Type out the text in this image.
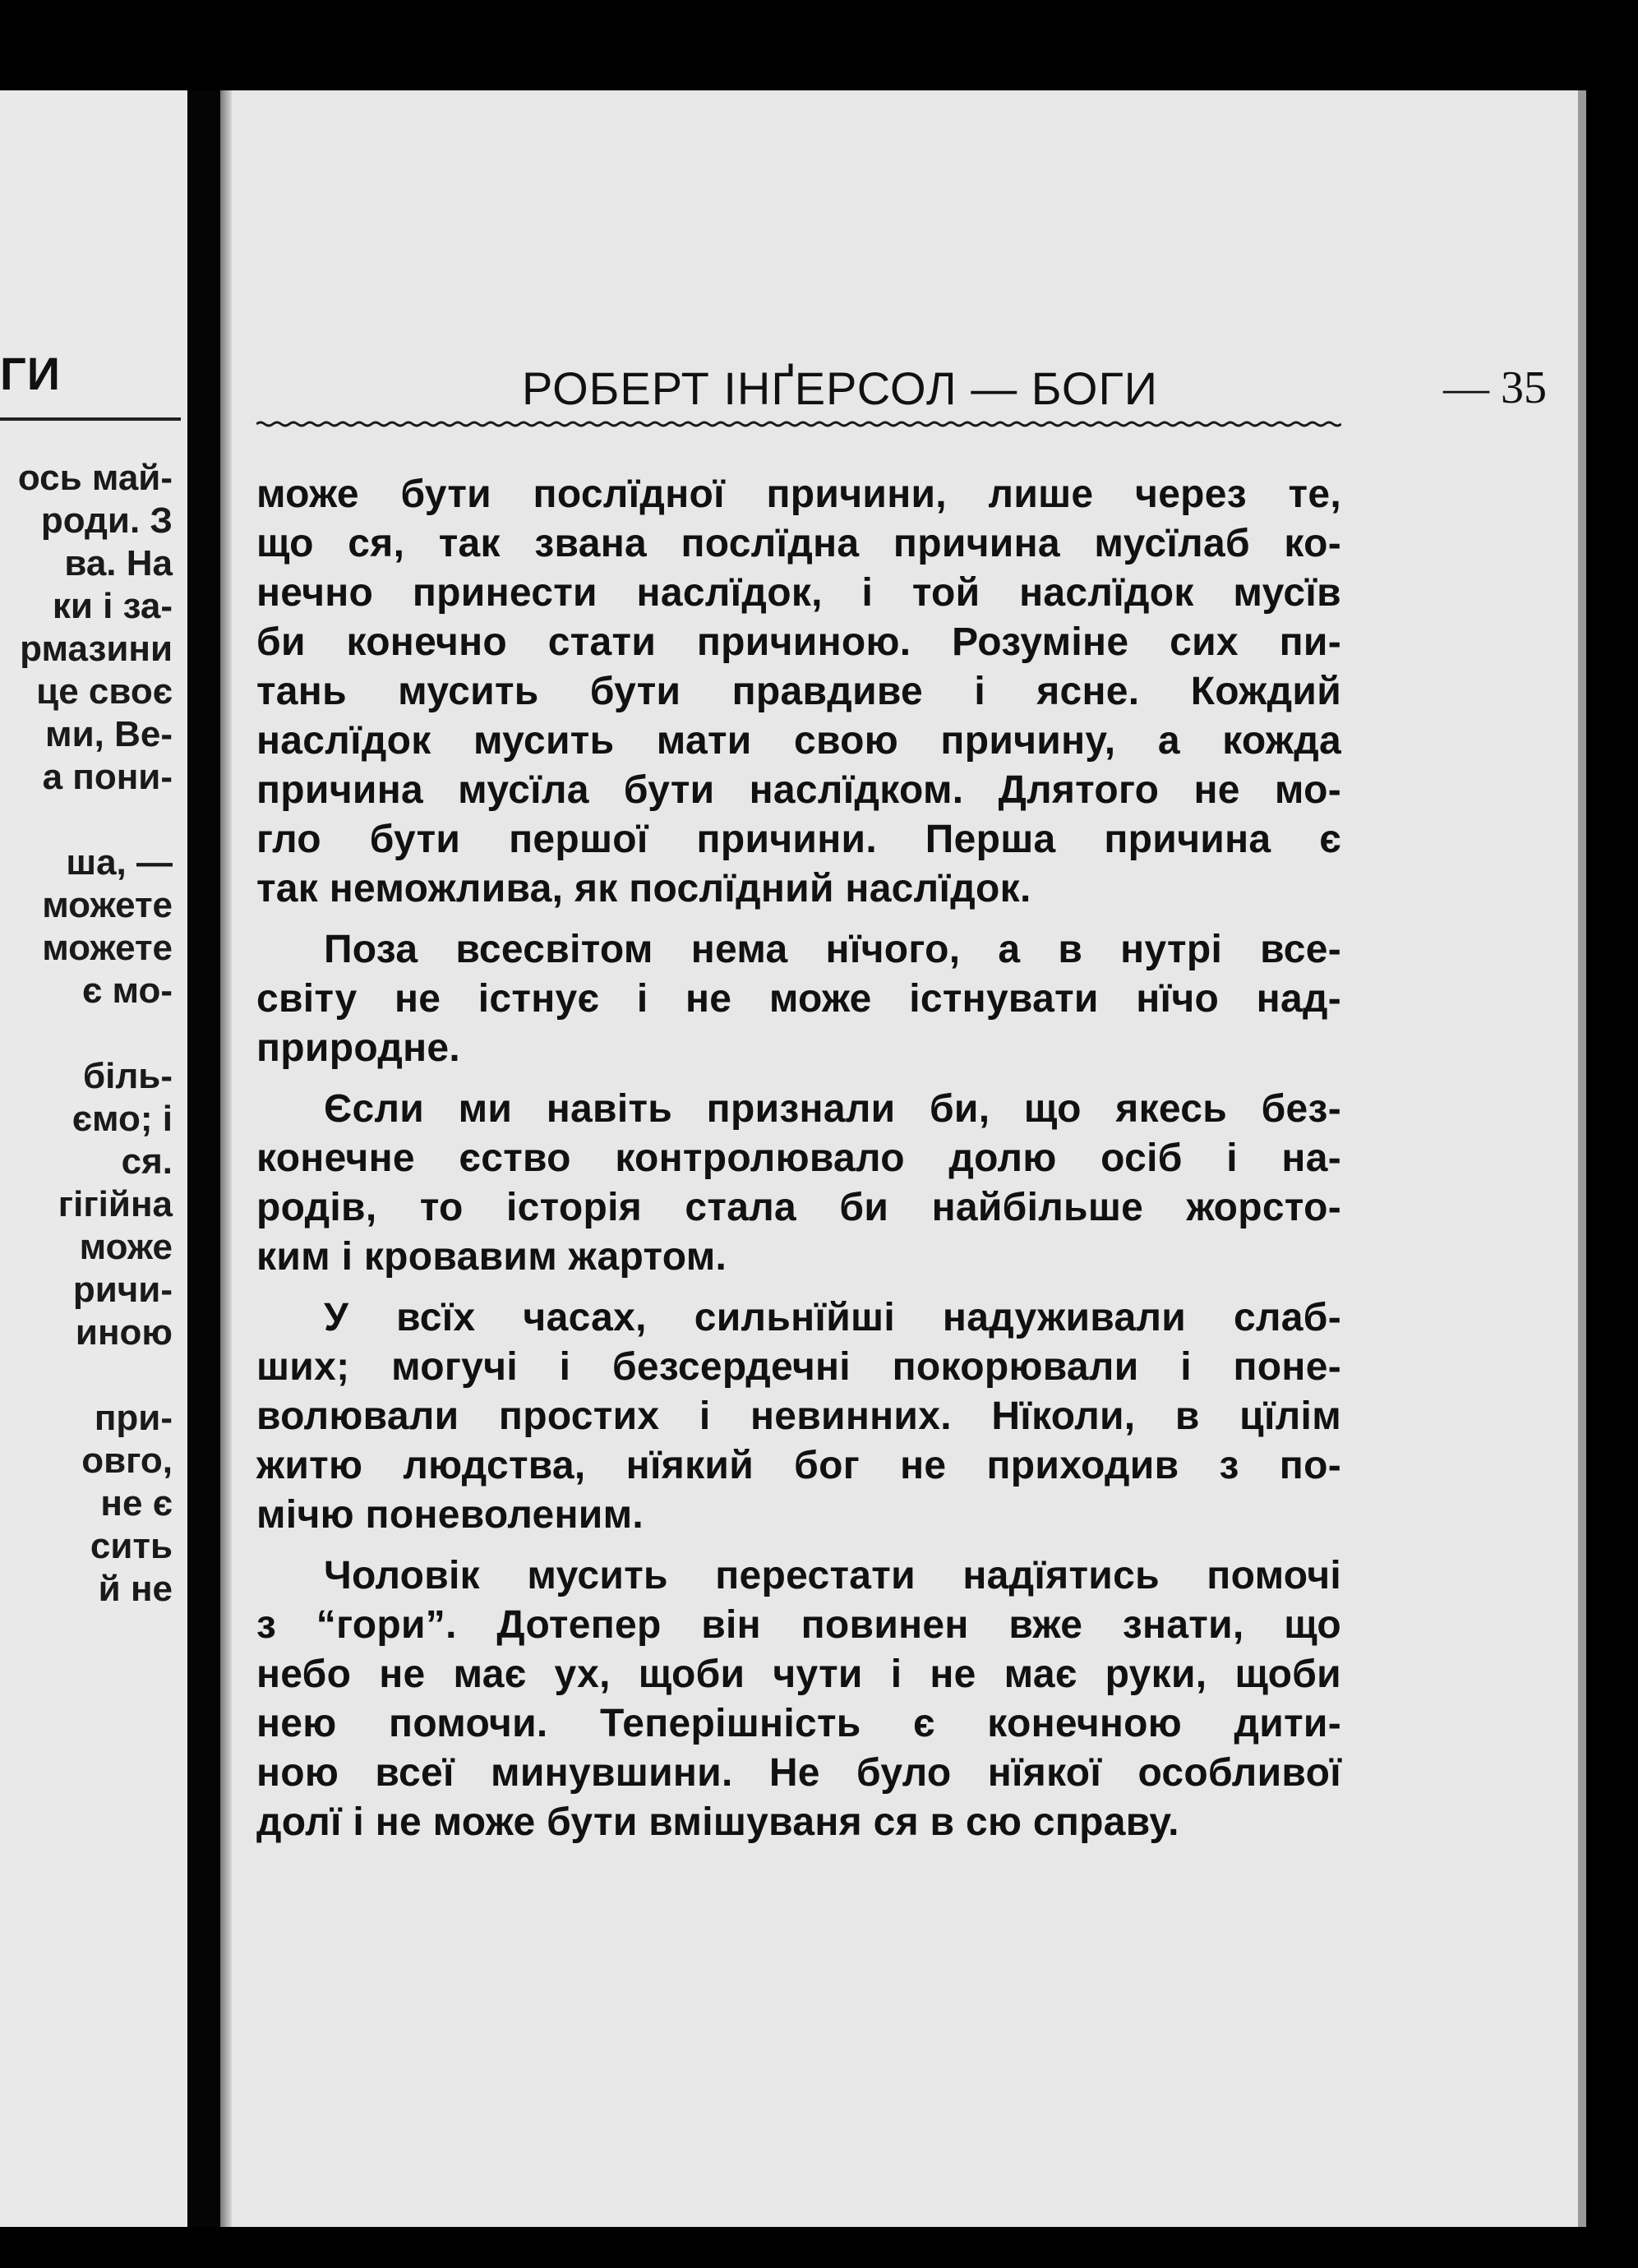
ГИ
ось май-
роди. З
ва. На
ки і за-
рмазини
це своє
ми, Ве-
а пони-
ша, —
можете
можете
є мо-
біль-
ємо; і
ся.
гігійна
може
ричи-
иною
при-
овго,
не є
сить
й не
РОБЕРТ ІНҐЕРСОЛ — БОГИ	–– 35
може бути послїдної причини, лише через те,
що ся, так звана послїдна причина мусїлаб ко-
нечно принести наслїдок, і той наслїдок мусїв
би конечно стати причиною. Розуміне сих пи-
тань мусить бути правдиве і ясне. Кождий
наслїдок мусить мати свою причину, а кожда
причина мусїла бути наслїдком. Длятого не мо-
гло бути першої причини. Перша причина є
так неможлива, як послїдний наслїдок.
Поза всесвітом нема нїчого, а в нутрі все-
світу не істнує і не може істнувати нїчо над-
природне.
Єсли ми навіть признали би, що якесь без-
конечне єство контролювало долю осіб і на-
родів, то історія стала би найбільше жорсто-
ким і кровавим жартом.
У всїх часах, сильнїйші надуживали слаб-
ших; могучі і безсердечні покорювали і поне-
волювали простих і невинних. Нїколи, в цїлім
житю людства, нїякий бог не приходив з по-
мічю поневоленим.
Чоловік мусить перестати надїятись помочі
з “гори”. Дотепер він повинен вже знати, що
небо не має ух, щоби чути і не має руки, щоби
нею помочи. Теперішність є конечною дити-
ною всеї минувшини. Не було нїякої особливої
долї і не може бути вмішуваня ся в сю справу.
